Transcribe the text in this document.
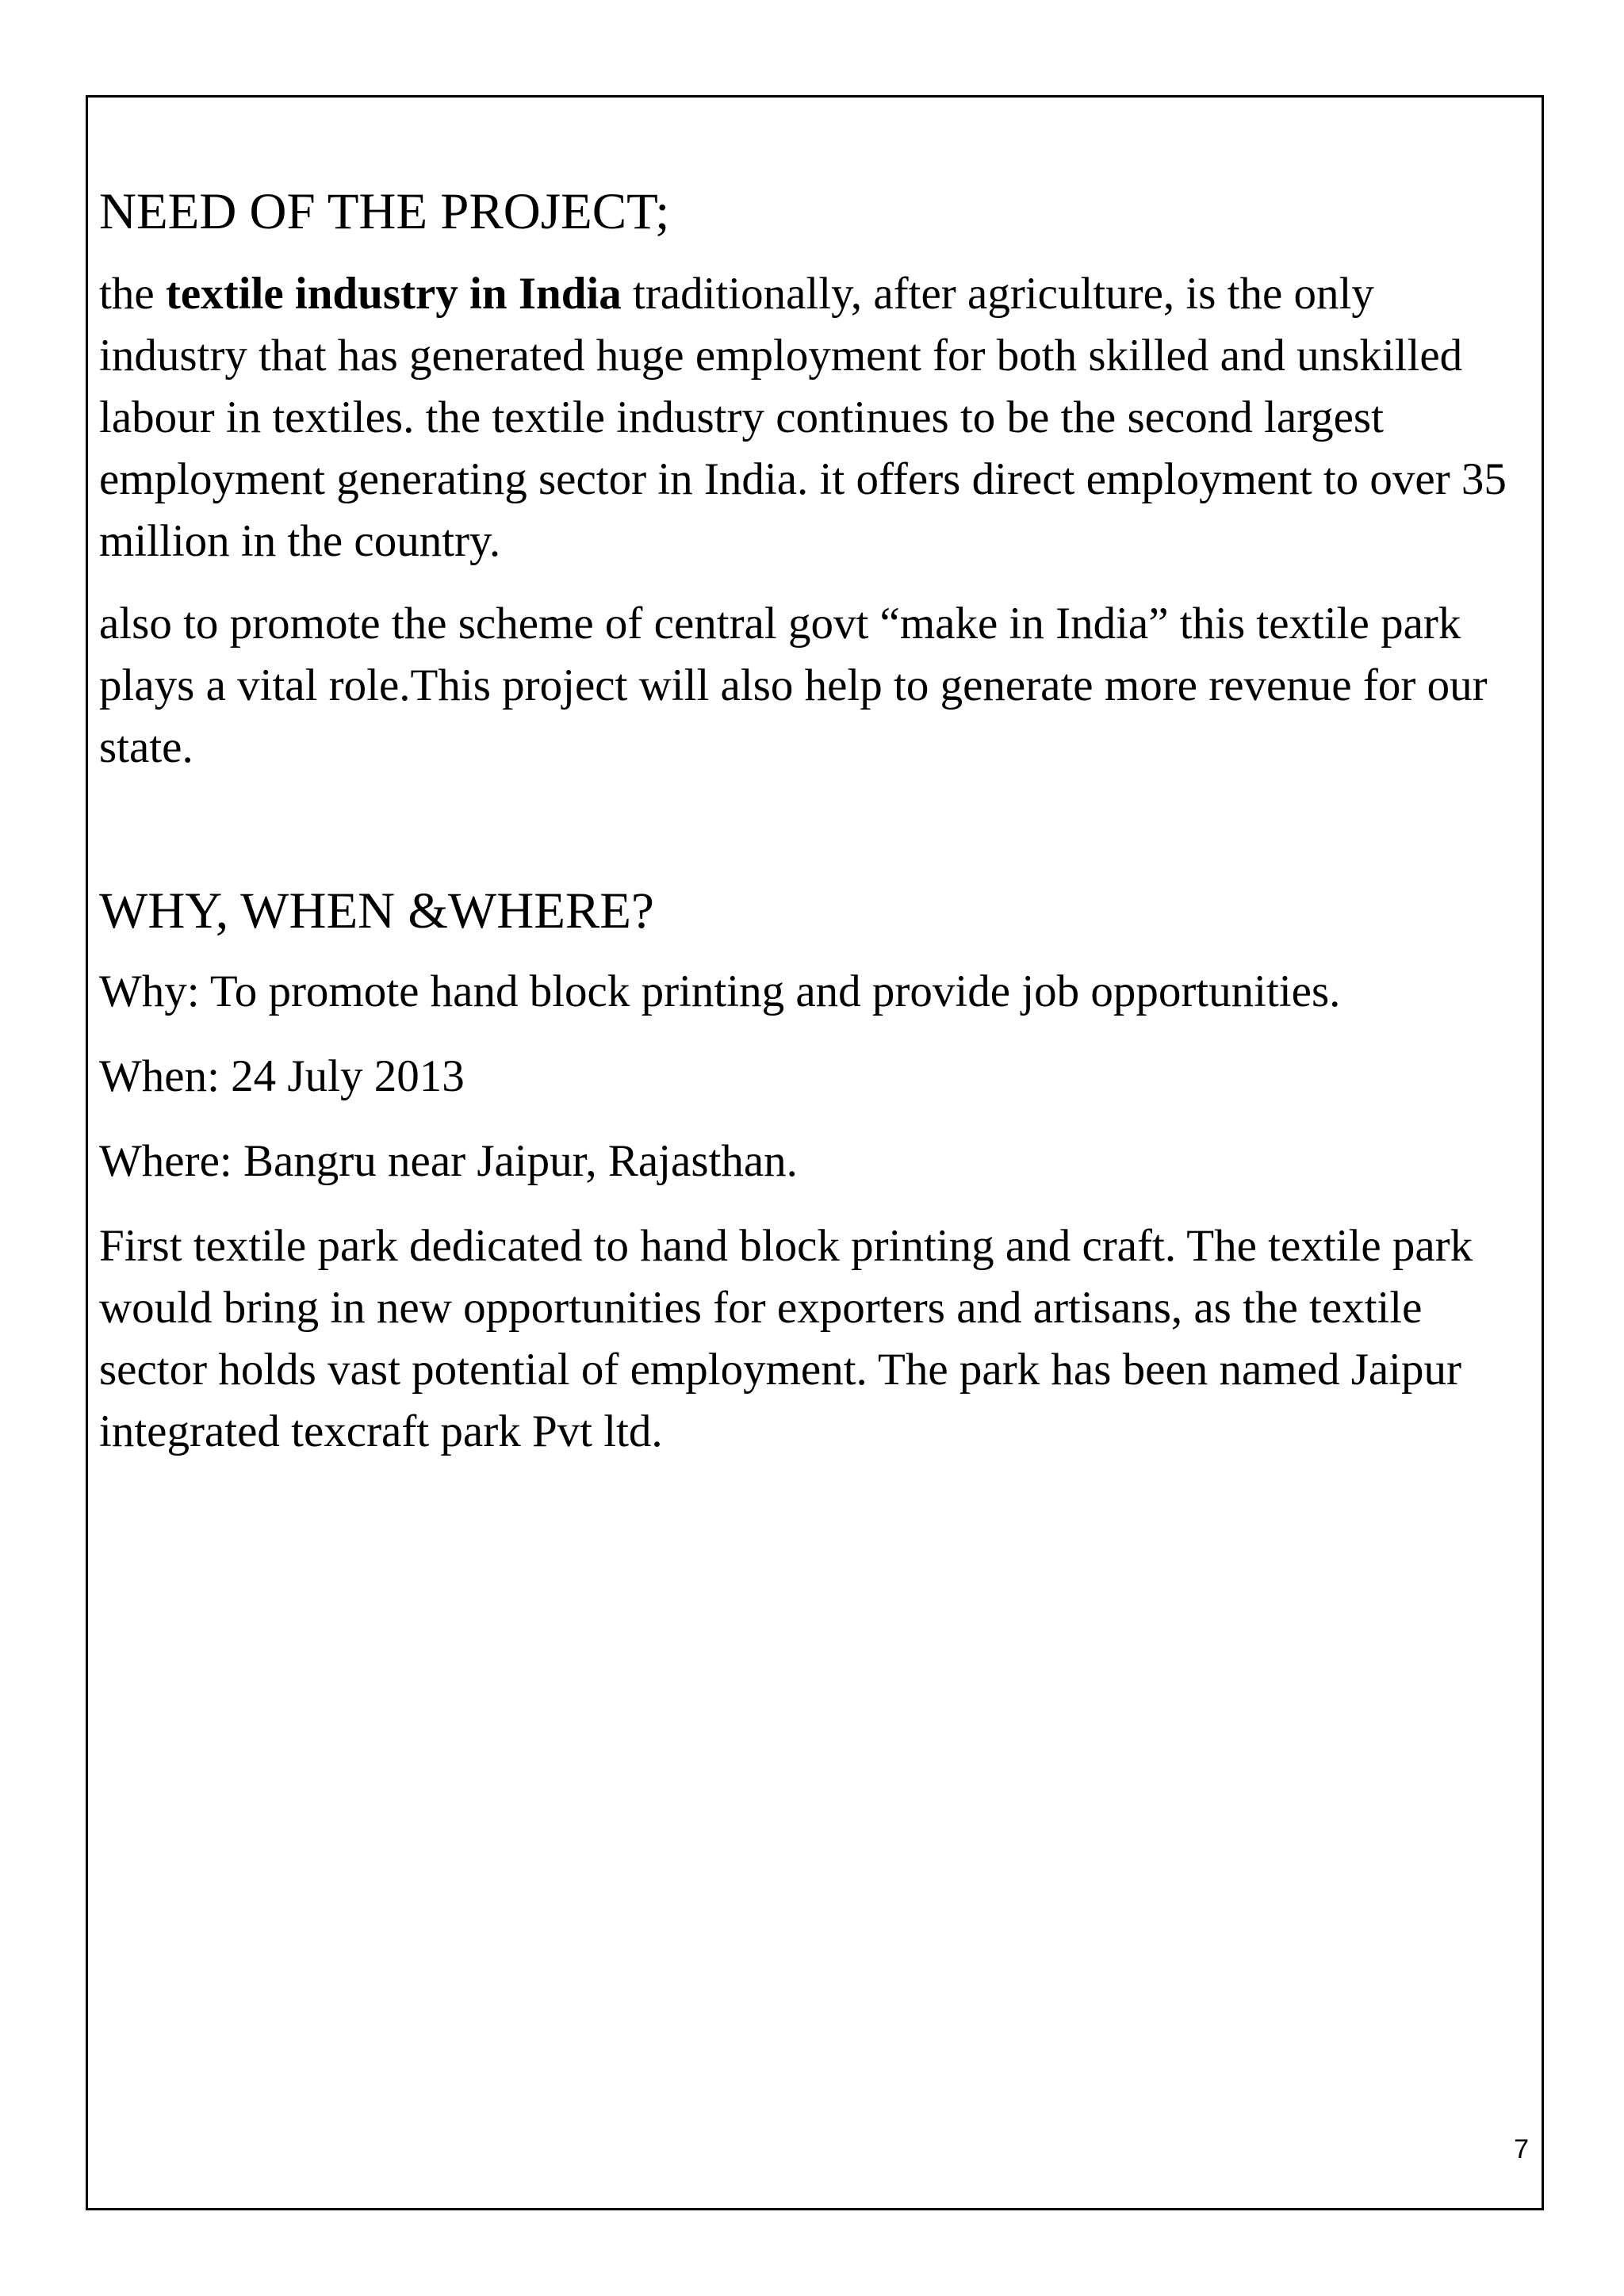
NEED OF THE PROJECT;

the textile industry in India traditionally, after agriculture, is the only industry that has generated huge employment for both skilled and unskilled labour in textiles. the textile industry continues to be the second largest employment generating sector in India. it offers direct employment to over 35 million in the country.

also to promote the scheme of central govt “make in India” this textile park plays a vital role.This project will also help to generate more revenue for our state.

WHY, WHEN &WHERE?

Why: To promote hand block printing and provide job opportunities.

When: 24 July 2013

Where: Bangru near Jaipur, Rajasthan.

First textile park dedicated to hand block printing and craft. The textile park would bring in new opportunities for exporters and artisans, as the textile sector holds vast potential of employment. The park has been named Jaipur integrated texcraft park Pvt ltd.

7
